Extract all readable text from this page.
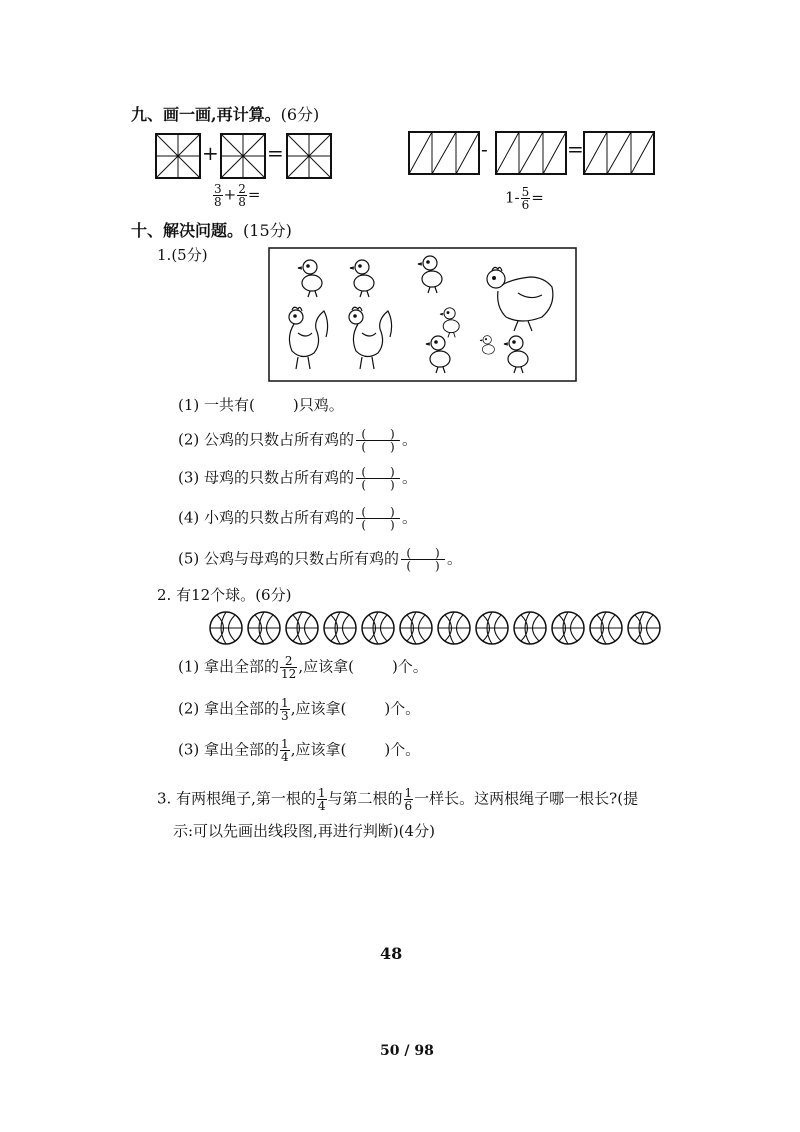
九、画一画,再计算。(6分)
+ =
$\frac{3}{8} + \frac{2}{8}$ =
-	=
$1- \frac{5}{6}$ =
十、解决问题。(15分)
1.(5分)
(1) 一共有(	)只鸡。
(2) 公鸡的只数占所有鸡的 (　　)
(　　) 。
(3) 母鸡的只数占所有鸡的 (　　)
(　　) 。
(4) 小鸡的只数占所有鸡的 (　　)
(　　) 。
(5) 公鸡与母鸡的只数占所有鸡的 (　　)
(　　) 。
2. 有12个球。(6分)
(1) 拿出全部的 $\frac{2}{12}$ ,应该拿(	)个。
(2) 拿出全部的 $\frac{1}{3}$ ,应该拿(	)个。
(3) 拿出全部的 $\frac{1}{4}$ ,应该拿(	)个。
3. 有两根绳子,第一根的 $\frac{1}{4}$ 与第二根的 $\frac{1}{6}$ 一样长。这两根绳子哪一根长?(提
示:可以先画出线段图,再进行判断)(4分)
48
50 / 98
